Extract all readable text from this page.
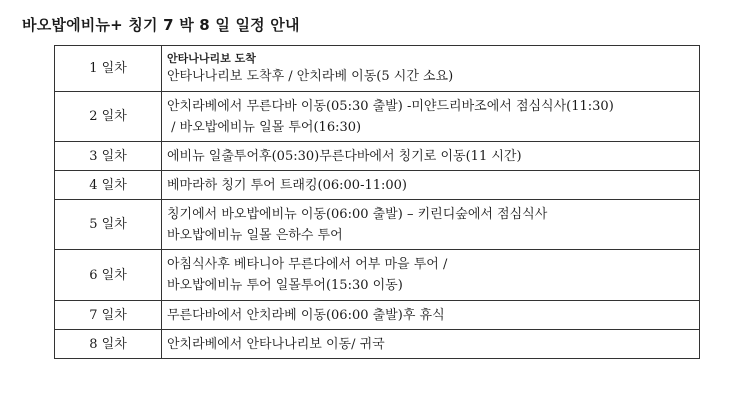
바오밥에비뉴+ 칭기 7 박 8 일 일정 안내
1 일차	안타나나리보 도착
안타나나리보 도착후 / 안치라베 이동(5 시간 소요)

2 일차	안치라베에서 무른다바 이동(05:30 출발) -미얀드리바조에서 점심식사(11:30)
/ 바오밥에비뉴 일몰 투어(16:30)

3 일차	에비뉴 일출투어후(05:30)무른다바에서 칭기로 이동(11 시간)

4 일차	베마라하 칭기 투어 트래킹(06:00-11:00)

5 일차	칭기에서 바오밥에비뉴 이동(06:00 출발) – 키린디숲에서 점심식사
바오밥에비뉴 일몰 은하수 투어

6 일차	아침식사후 베타니아 무른다에서 어부 마을 투어 /
바오밥에비뉴 투어 일몰투어(15:30 이동)

7 일차	무른다바에서 안치라베 이동(06:00 출발)후 휴식

8 일차	안치라베에서 안타나나리보 이동/ 귀국
